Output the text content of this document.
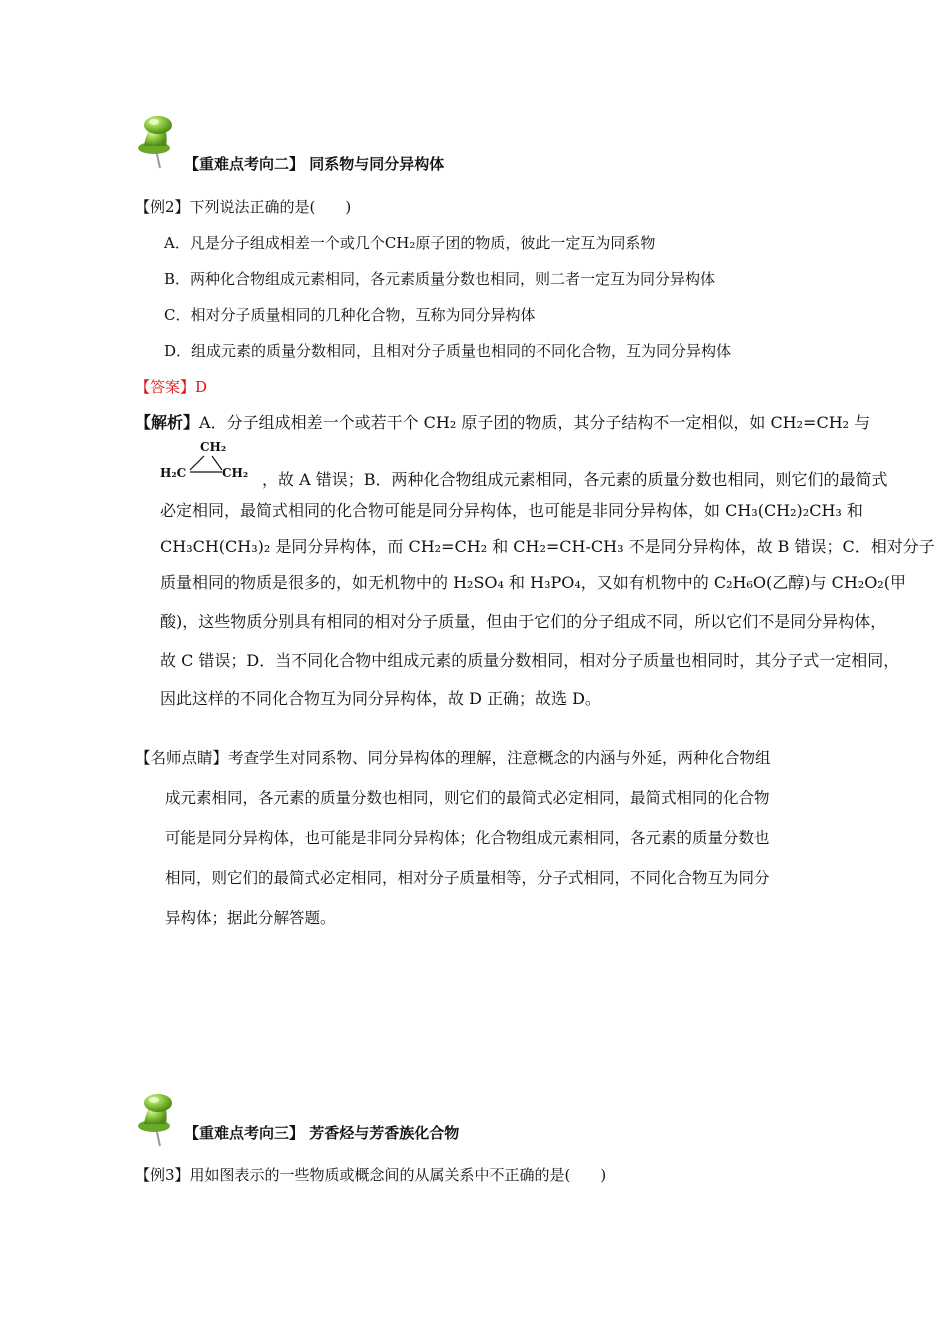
【重难点考向二】 同系物与同分异构体
【例2】下列说法正确的是(　　)
A．凡是分子组成相差一个或几个CH₂原子团的物质，彼此一定互为同系物
B．两种化合物组成元素相同，各元素质量分数也相同，则二者一定互为同分异构体
C．相对分子质量相同的几种化合物，互称为同分异构体
D．组成元素的质量分数相同，且相对分子质量也相同的不同化合物，互为同分异构体
【答案】D
【解析】A．分子组成相差一个或若干个 CH₂ 原子团的物质，其分子结构不一定相似，如 CH₂=CH₂ 与
CH₂
H₂C	CH₂ ，故 A 错误；B．两种化合物组成元素相同，各元素的质量分数也相同，则它们的最简式
必定相同，最简式相同的化合物可能是同分异构体，也可能是非同分异构体，如 CH₃(CH₂)₂CH₃ 和
CH₃CH(CH₃)₂ 是同分异构体，而 CH₂=CH₂ 和 CH₂=CH-CH₃ 不是同分异构体，故 B 错误；C．相对分子
质量相同的物质是很多的，如无机物中的 H₂SO₄ 和 H₃PO₄，又如有机物中的 C₂H₆O(乙醇)与 CH₂O₂(甲
酸)，这些物质分别具有相同的相对分子质量，但由于它们的分子组成不同，所以它们不是同分异构体，
故 C 错误；D．当不同化合物中组成元素的质量分数相同，相对分子质量也相同时，其分子式一定相同，
因此这样的不同化合物互为同分异构体，故 D 正确；故选 D。
【名师点睛】考查学生对同系物、同分异构体的理解，注意概念的内涵与外延，两种化合物组
成元素相同，各元素的质量分数也相同，则它们的最简式必定相同，最简式相同的化合物
可能是同分异构体，也可能是非同分异构体；化合物组成元素相同，各元素的质量分数也
相同，则它们的最简式必定相同，相对分子质量相等，分子式相同，不同化合物互为同分
异构体；据此分解答题。
【重难点考向三】 芳香烃与芳香族化合物
【例3】用如图表示的一些物质或概念间的从属关系中不正确的是(　　)
